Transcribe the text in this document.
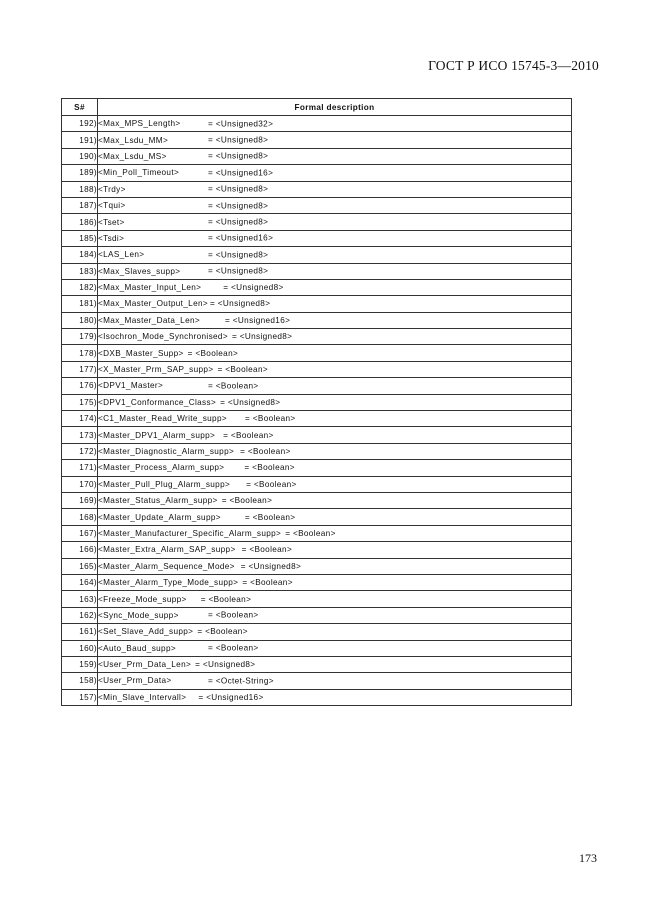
ГОСТ Р ИСО 15745-3—2010
S#	Formal description
192)	<Max_MPS_Length> = <Unsigned32>

191)	<Max_Lsdu_MM> = <Unsigned8>

190)	<Max_Lsdu_MS> = <Unsigned8>

189)	<Min_Poll_Timeout> = <Unsigned16>

188)	<Trdy> = <Unsigned8>

187)	<Tqui> = <Unsigned8>

186)	<Tset> = <Unsigned8>

185)	<Tsdi> = <Unsigned16>

184)	<LAS_Len> = <Unsigned8>

183)	<Max_Slaves_supp> = <Unsigned8>

182)	<Max_Master_Input_Len> = <Unsigned8>
181)	<Max_Master_Output_Len> = <Unsigned8>
180)	<Max_Master_Data_Len> = <Unsigned16>
179)	<Isochron_Mode_Synchronised> = <Unsigned8>
178)	<DXB_Master_Supp> = <Boolean>
177)	<X_Master_Prm_SAP_supp> = <Boolean>
176)	<DPV1_Master> = <Boolean>

175)	<DPV1_Conformance_Class> = <Unsigned8>
174)	<C1_Master_Read_Write_supp> = <Boolean>
173)	<Master_DPV1_Alarm_supp> = <Boolean>
172)	<Master_Diagnostic_Alarm_supp> = <Boolean>
171)	<Master_Process_Alarm_supp> = <Boolean>
170)	<Master_Pull_Plug_Alarm_supp> = <Boolean>
169)	<Master_Status_Alarm_supp> = <Boolean>
168)	<Master_Update_Alarm_supp> = <Boolean>
167)	<Master_Manufacturer_Specific_Alarm_supp> = <Boolean>
166)	<Master_Extra_Alarm_SAP_supp> = <Boolean>
165)	<Master_Alarm_Sequence_Mode> = <Unsigned8>
164)	<Master_Alarm_Type_Mode_supp> = <Boolean>
163)	<Freeze_Mode_supp> = <Boolean>
162)	<Sync_Mode_supp> = <Boolean>

161)	<Set_Slave_Add_supp> = <Boolean>
160)	<Auto_Baud_supp> = <Boolean>

159)	<User_Prm_Data_Len> = <Unsigned8>
158)	<User_Prm_Data> = <Octet-String>

157)	<Min_Slave_Intervall> = <Unsigned16>
173
